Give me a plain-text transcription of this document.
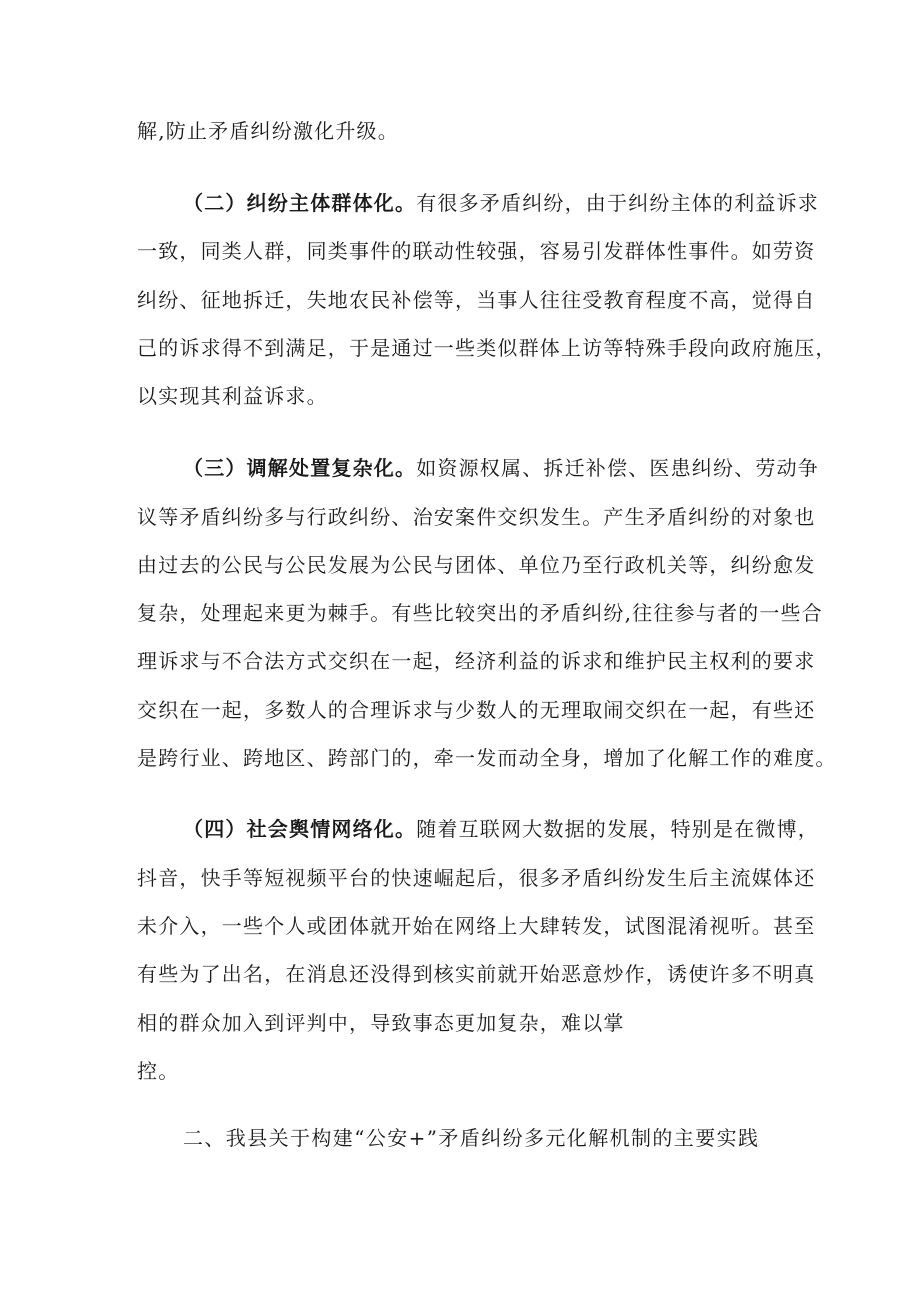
解,防止矛盾纠纷激化升级。
（二）纠纷主体群体化。有很多矛盾纠纷，由于纠纷主体的利益诉求
一致，同类人群，同类事件的联动性较强，容易引发群体性事件。如劳资
纠纷、征地拆迁，失地农民补偿等，当事人往往受教育程度不高，觉得自
己的诉求得不到满足，于是通过一些类似群体上访等特殊手段向政府施压，
以实现其利益诉求。
（三）调解处置复杂化。如资源权属、拆迁补偿、医患纠纷、劳动争
议等矛盾纠纷多与行政纠纷、治安案件交织发生。产生矛盾纠纷的对象也
由过去的公民与公民发展为公民与团体、单位乃至行政机关等，纠纷愈发
复杂，处理起来更为棘手。有些比较突出的矛盾纠纷,往往参与者的一些合
理诉求与不合法方式交织在一起，经济利益的诉求和维护民主权利的要求
交织在一起，多数人的合理诉求与少数人的无理取闹交织在一起，有些还
是跨行业、跨地区、跨部门的，牵一发而动全身，增加了化解工作的难度。
（四）社会舆情网络化。随着互联网大数据的发展，特别是在微博，
抖音，快手等短视频平台的快速崛起后，很多矛盾纠纷发生后主流媒体还
未介入，一些个人或团体就开始在网络上大肆转发，试图混淆视听。甚至
有些为了出名，在消息还没得到核实前就开始恶意炒作，诱使许多不明真
相的群众加入到评判中，导致事态更加复杂，难以掌
控。
二、我县关于构建“公安+”矛盾纠纷多元化解机制的主要实践
